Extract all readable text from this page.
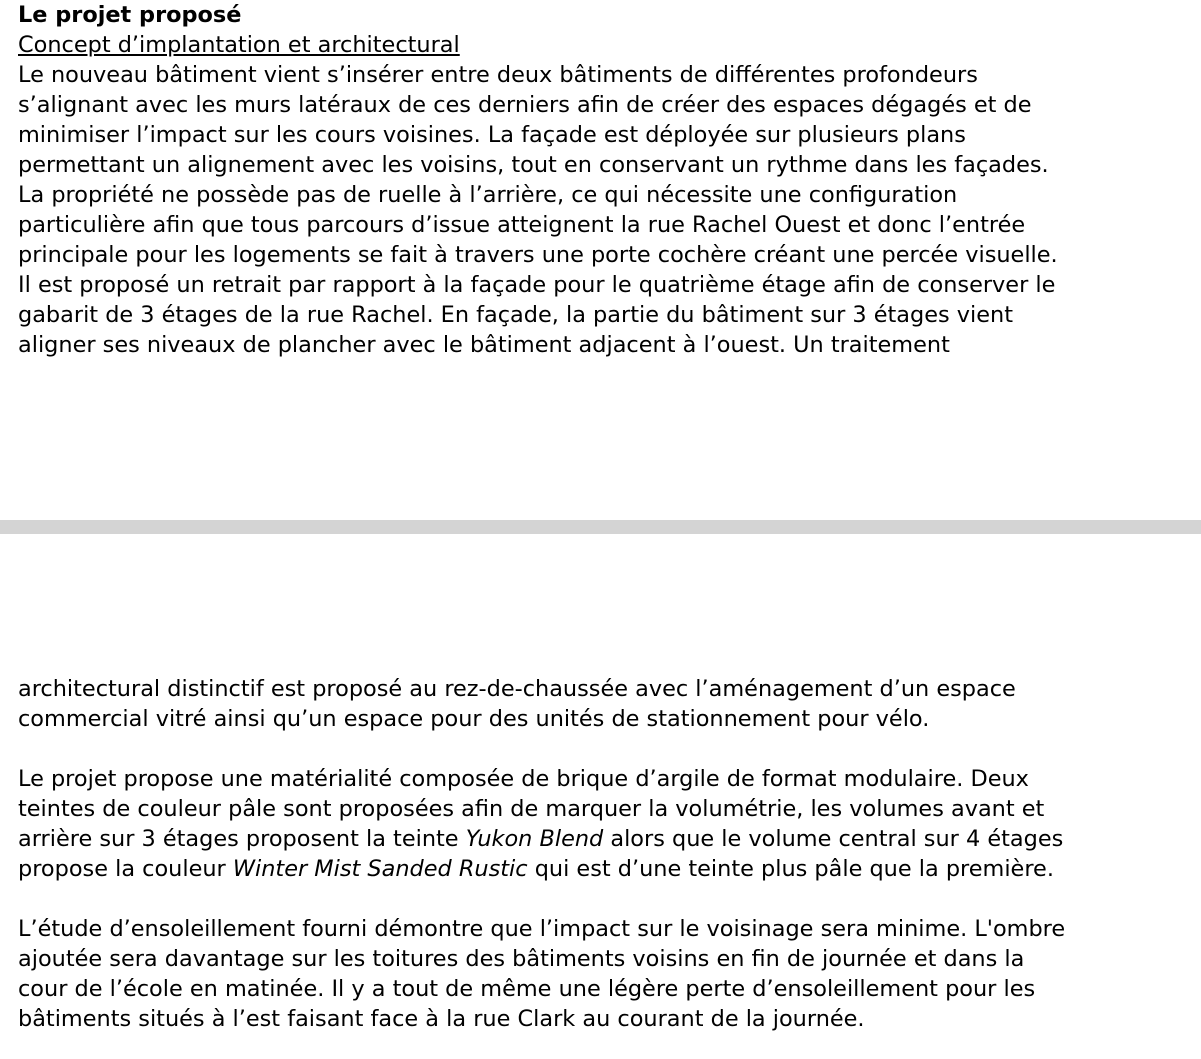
Le projet proposé
Concept d’implantation et architectural
Le nouveau bâtiment vient s’insérer entre deux bâtiments de différentes profondeurs
s’alignant avec les murs latéraux de ces derniers afin de créer des espaces dégagés et de
minimiser l’impact sur les cours voisines. La façade est déployée sur plusieurs plans
permettant un alignement avec les voisins, tout en conservant un rythme dans les façades.
La propriété ne possède pas de ruelle à l’arrière, ce qui nécessite une configuration
particulière afin que tous parcours d’issue atteignent la rue Rachel Ouest et donc l’entrée
principale pour les logements se fait à travers une porte cochère créant une percée visuelle.
Il est proposé un retrait par rapport à la façade pour le quatrième étage afin de conserver le
gabarit de 3 étages de la rue Rachel. En façade, la partie du bâtiment sur 3 étages vient
aligner ses niveaux de plancher avec le bâtiment adjacent à l’ouest. Un traitement
architectural distinctif est proposé au rez-de-chaussée avec l’aménagement d’un espace
commercial vitré ainsi qu’un espace pour des unités de stationnement pour vélo.
Le projet propose une matérialité composée de brique d’argile de format modulaire. Deux
teintes de couleur pâle sont proposées afin de marquer la volumétrie, les volumes avant et
arrière sur 3 étages proposent la teinte Yukon Blend alors que le volume central sur 4 étages
propose la couleur Winter Mist Sanded Rustic qui est d’une teinte plus pâle que la première.
L’étude d’ensoleillement fourni démontre que l’impact sur le voisinage sera minime. L'ombre
ajoutée sera davantage sur les toitures des bâtiments voisins en fin de journée et dans la
cour de l’école en matinée. Il y a tout de même une légère perte d’ensoleillement pour les
bâtiments situés à l’est faisant face à la rue Clark au courant de la journée.
